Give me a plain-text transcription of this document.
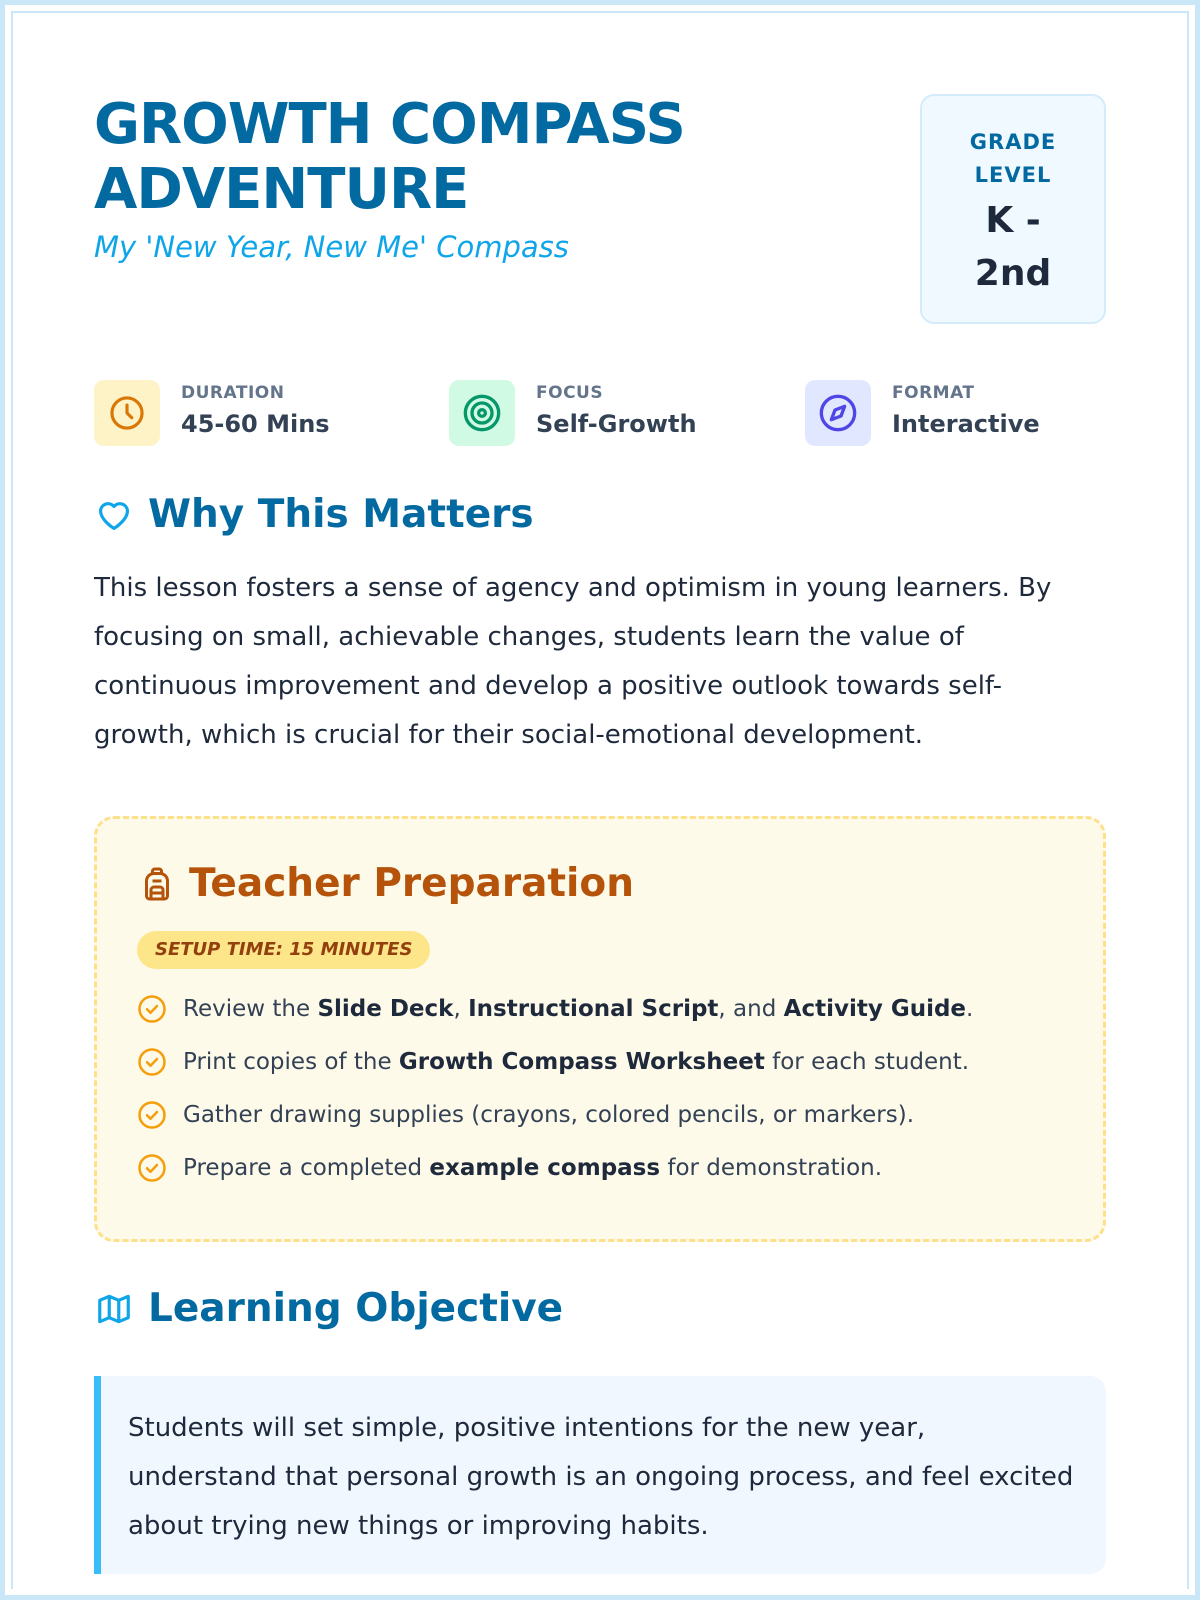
GROWTH COMPASS ADVENTURE

My 'New Year, New Me' Compass

GRADE LEVEL
K - 2nd
DURATION
45-60 Mins
FOCUS
Self-Growth
FORMAT
Interactive
Why This Matters

This lesson fosters a sense of agency and optimism in young learners. By focusing on small, achievable changes, students learn the value of continuous improvement and develop a positive outlook towards self-growth, which is crucial for their social-emotional development.

Teacher Preparation
SETUP TIME: 15 MINUTES
Review the Slide Deck, Instructional Script, and Activity Guide.
Print copies of the Growth Compass Worksheet for each student.
Gather drawing supplies (crayons, colored pencils, or markers).
Prepare a completed example compass for demonstration.
Learning Objective

Students will set simple, positive intentions for the new year, understand that personal growth is an ongoing process, and feel excited about trying new things or improving habits.
